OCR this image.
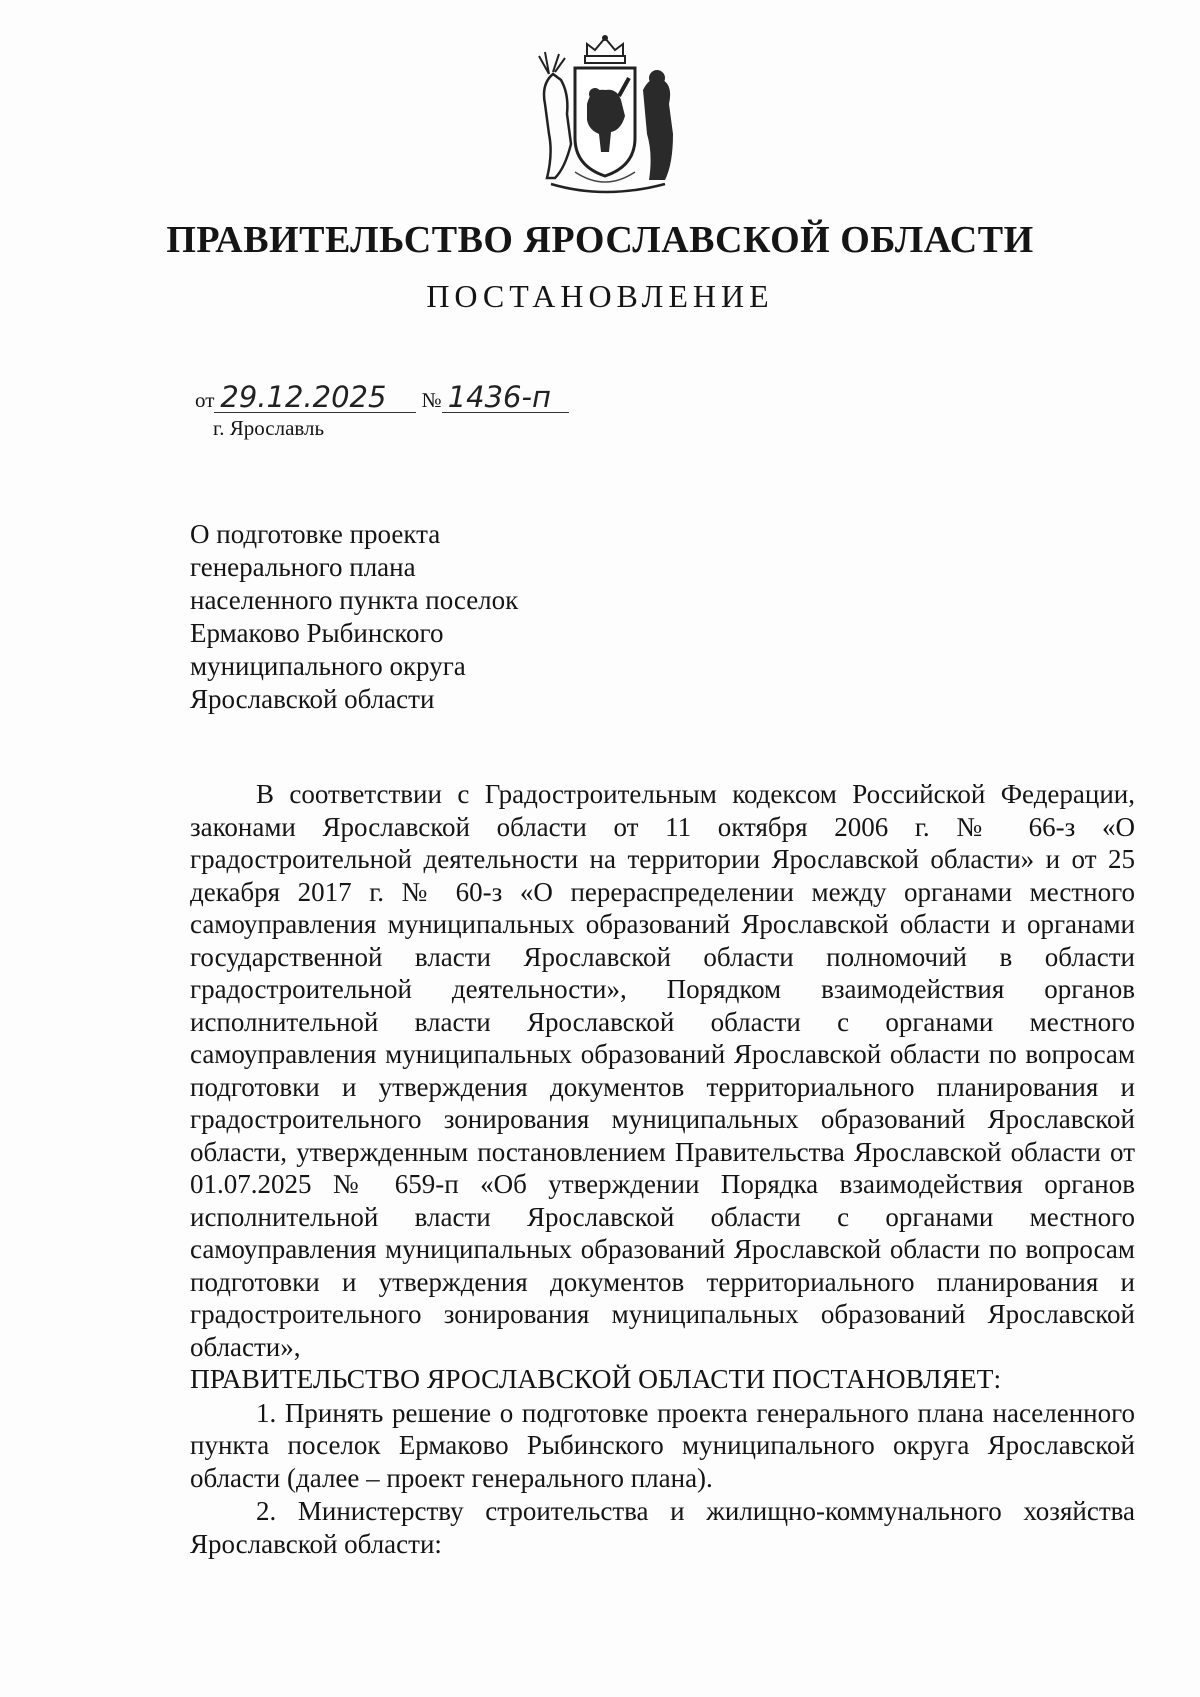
ПРАВИТЕЛЬСТВО ЯРОСЛАВСКОЙ ОБЛАСТИ
ПОСТАНОВЛЕНИЕ
от 29.12.2025 № 1436-п
г. Ярославль
О подготовке проекта
генерального плана
населенного пункта поселок
Ермаково Рыбинского
муниципального округа
Ярославской области

В соответствии с Градостроительным кодексом Российской Федерации, законами Ярославской области от 11 октября 2006 г. № 66-з «О градостроительной деятельности на территории Ярославской области» и от 25 декабря 2017 г. № 60-з «О перераспределении между органами местного самоуправления муниципальных образований Ярославской области и органами государственной власти Ярославской области полномочий в области градостроительной деятельности», Порядком взаимодействия органов исполнительной власти Ярославской области с органами местного самоуправления муниципальных образований Ярославской области по вопросам подготовки и утверждения документов территориального планирования и градостроительного зонирования муниципальных образований Ярославской области, утвержденным постановлением Правительства Ярославской области от 01.07.2025 № 659-п «Об утверждении Порядка взаимодействия органов исполнительной власти Ярославской области с органами местного самоуправления муниципальных образований Ярославской области по вопросам подготовки и утверждения документов территориального планирования и градостроительного зонирования муниципальных образований Ярославской области»,

ПРАВИТЕЛЬСТВО ЯРОСЛАВСКОЙ ОБЛАСТИ ПОСТАНОВЛЯЕТ:

1. Принять решение о подготовке проекта генерального плана населенного пункта поселок Ермаково Рыбинского муниципального округа Ярославской области (далее – проект генерального плана).

2. Министерству строительства и жилищно-коммунального хозяйства Ярославской области:
